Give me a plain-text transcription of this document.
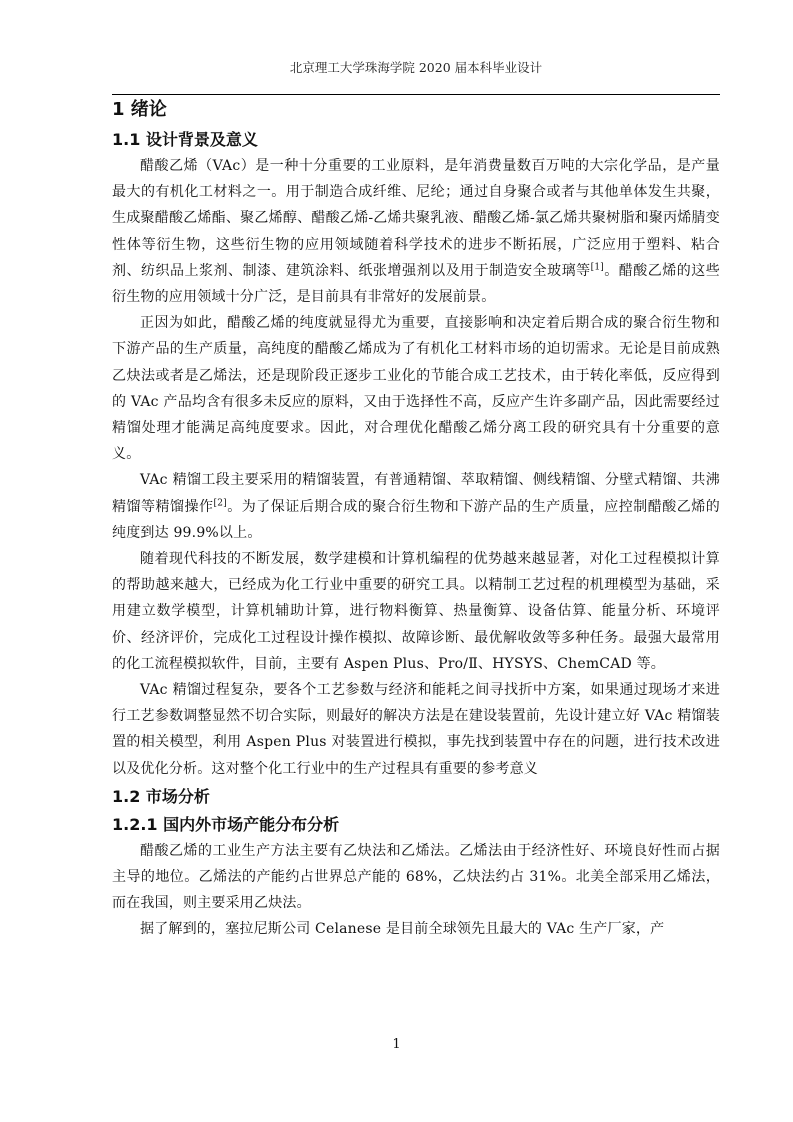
北京理工大学珠海学院 2020 届本科毕业设计
1 绪论
1.1 设计背景及意义

醋酸乙烯（VAc）是一种十分重要的工业原料，是年消费量数百万吨的大宗化学品，是产量最大的有机化工材料之一。用于制造合成纤维、尼纶；通过自身聚合或者与其他单体发生共聚，生成聚醋酸乙烯酯、聚乙烯醇、醋酸乙烯-乙烯共聚乳液、醋酸乙烯-氯乙烯共聚树脂和聚丙烯腈变性体等衍生物，这些衍生物的应用领域随着科学技术的进步不断拓展，广泛应用于塑料、粘合剂、纺织品上浆剂、制漆、建筑涂料、纸张增强剂以及用于制造安全玻璃等[1]。醋酸乙烯的这些衍生物的应用领域十分广泛，是目前具有非常好的发展前景。

正因为如此，醋酸乙烯的纯度就显得尤为重要，直接影响和决定着后期合成的聚合衍生物和下游产品的生产质量，高纯度的醋酸乙烯成为了有机化工材料市场的迫切需求。无论是目前成熟乙炔法或者是乙烯法，还是现阶段正逐步工业化的节能合成工艺技术，由于转化率低，反应得到的 VAc 产品均含有很多未反应的原料，又由于选择性不高，反应产生许多副产品，因此需要经过精馏处理才能满足高纯度要求。因此，对合理优化醋酸乙烯分离工段的研究具有十分重要的意义。

VAc 精馏工段主要采用的精馏装置，有普通精馏、萃取精馏、侧线精馏、分壁式精馏、共沸精馏等精馏操作[2]。为了保证后期合成的聚合衍生物和下游产品的生产质量，应控制醋酸乙烯的纯度到达 99.9%以上。

随着现代科技的不断发展，数学建模和计算机编程的优势越来越显著，对化工过程模拟计算的帮助越来越大，已经成为化工行业中重要的研究工具。以精制工艺过程的机理模型为基础，采用建立数学模型，计算机辅助计算，进行物料衡算、热量衡算、设备估算、能量分析、环境评价、经济评价，完成化工过程设计操作模拟、故障诊断、最优解收敛等多种任务。最强大最常用的化工流程模拟软件，目前，主要有 Aspen Plus、Pro/Ⅱ、HYSYS、ChemCAD 等。

VAc 精馏过程复杂，要各个工艺参数与经济和能耗之间寻找折中方案，如果通过现场才来进行工艺参数调整显然不切合实际，则最好的解决方法是在建设装置前，先设计建立好 VAc 精馏装置的相关模型，利用 Aspen Plus 对装置进行模拟，事先找到装置中存在的问题，进行技术改进以及优化分析。这对整个化工行业中的生产过程具有重要的参考意义

1.2 市场分析
1.2.1 国内外市场产能分布分析

醋酸乙烯的工业生产方法主要有乙炔法和乙烯法。乙烯法由于经济性好、环境良好性而占据主导的地位。乙烯法的产能约占世界总产能的 68%，乙炔法约占 31%。北美全部采用乙烯法，而在我国，则主要采用乙炔法。

据了解到的，塞拉尼斯公司 Celanese 是目前全球领先且最大的 VAc 生产厂家，产

1
